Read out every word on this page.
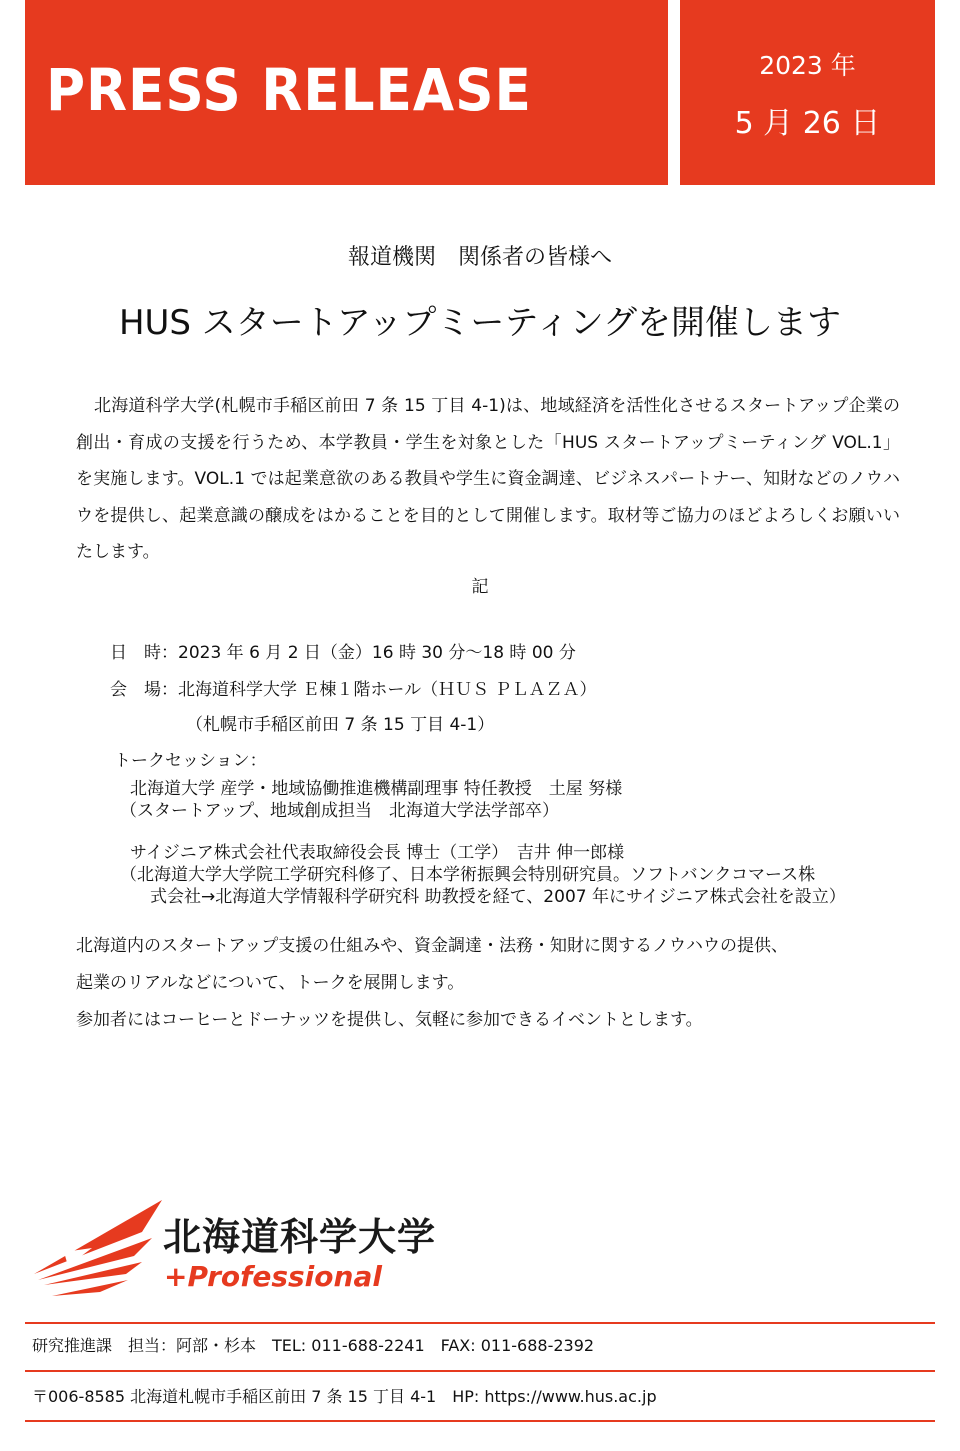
PRESS RELEASE	2023 年
5 月 26 日
報道機関　関係者の皆様へ
HUS スタートアップミーティングを開催します
北海道科学大学(札幌市手稲区前田 7 条 15 丁目 4-1)は、地域経済を活性化させるスタートアップ企業の創出・育成の支援を行うため、本学教員・学生を対象とした「HUS スタートアップミーティング VOL.1」を実施します。VOL.1 では起業意欲のある教員や学生に資金調達、ビジネスパートナー、知財などのノウハウを提供し、起業意識の醸成をはかることを目的として開催します。取材等ご協力のほどよろしくお願いいたします。
記
日　時：2023 年 6 月 2 日（金）16 時 30 分～18 時 00 分
会　場：北海道科学大学 Ｅ棟１階ホール（ＨＵＳ ＰＬＡＺＡ）
（札幌市手稲区前田 7 条 15 丁目 4-1）
トークセッション：
北海道大学 産学・地域協働推進機構副理事 特任教授　土屋 努様
（スタートアップ、地域創成担当　北海道大学法学部卒）
サイジニア株式会社代表取締役会長 博士（工学）　吉井 伸一郎様
（北海道大学大学院工学研究科修了、日本学術振興会特別研究員。ソフトバンクコマース株
式会社→北海道大学情報科学研究科 助教授を経て、2007 年にサイジニア株式会社を設立）
北海道内のスタートアップ支援の仕組みや、資金調達・法務・知財に関するノウハウの提供、
起業のリアルなどについて、トークを展開します。
参加者にはコーヒーとドーナッツを提供し、気軽に参加できるイベントとします。
北海道科学大学
+Professional
研究推進課　担当：阿部・杉本　TEL: 011-688-2241　FAX: 011-688-2392
〒006-8585 北海道札幌市手稲区前田 7 条 15 丁目 4-1　HP: https://www.hus.ac.jp
